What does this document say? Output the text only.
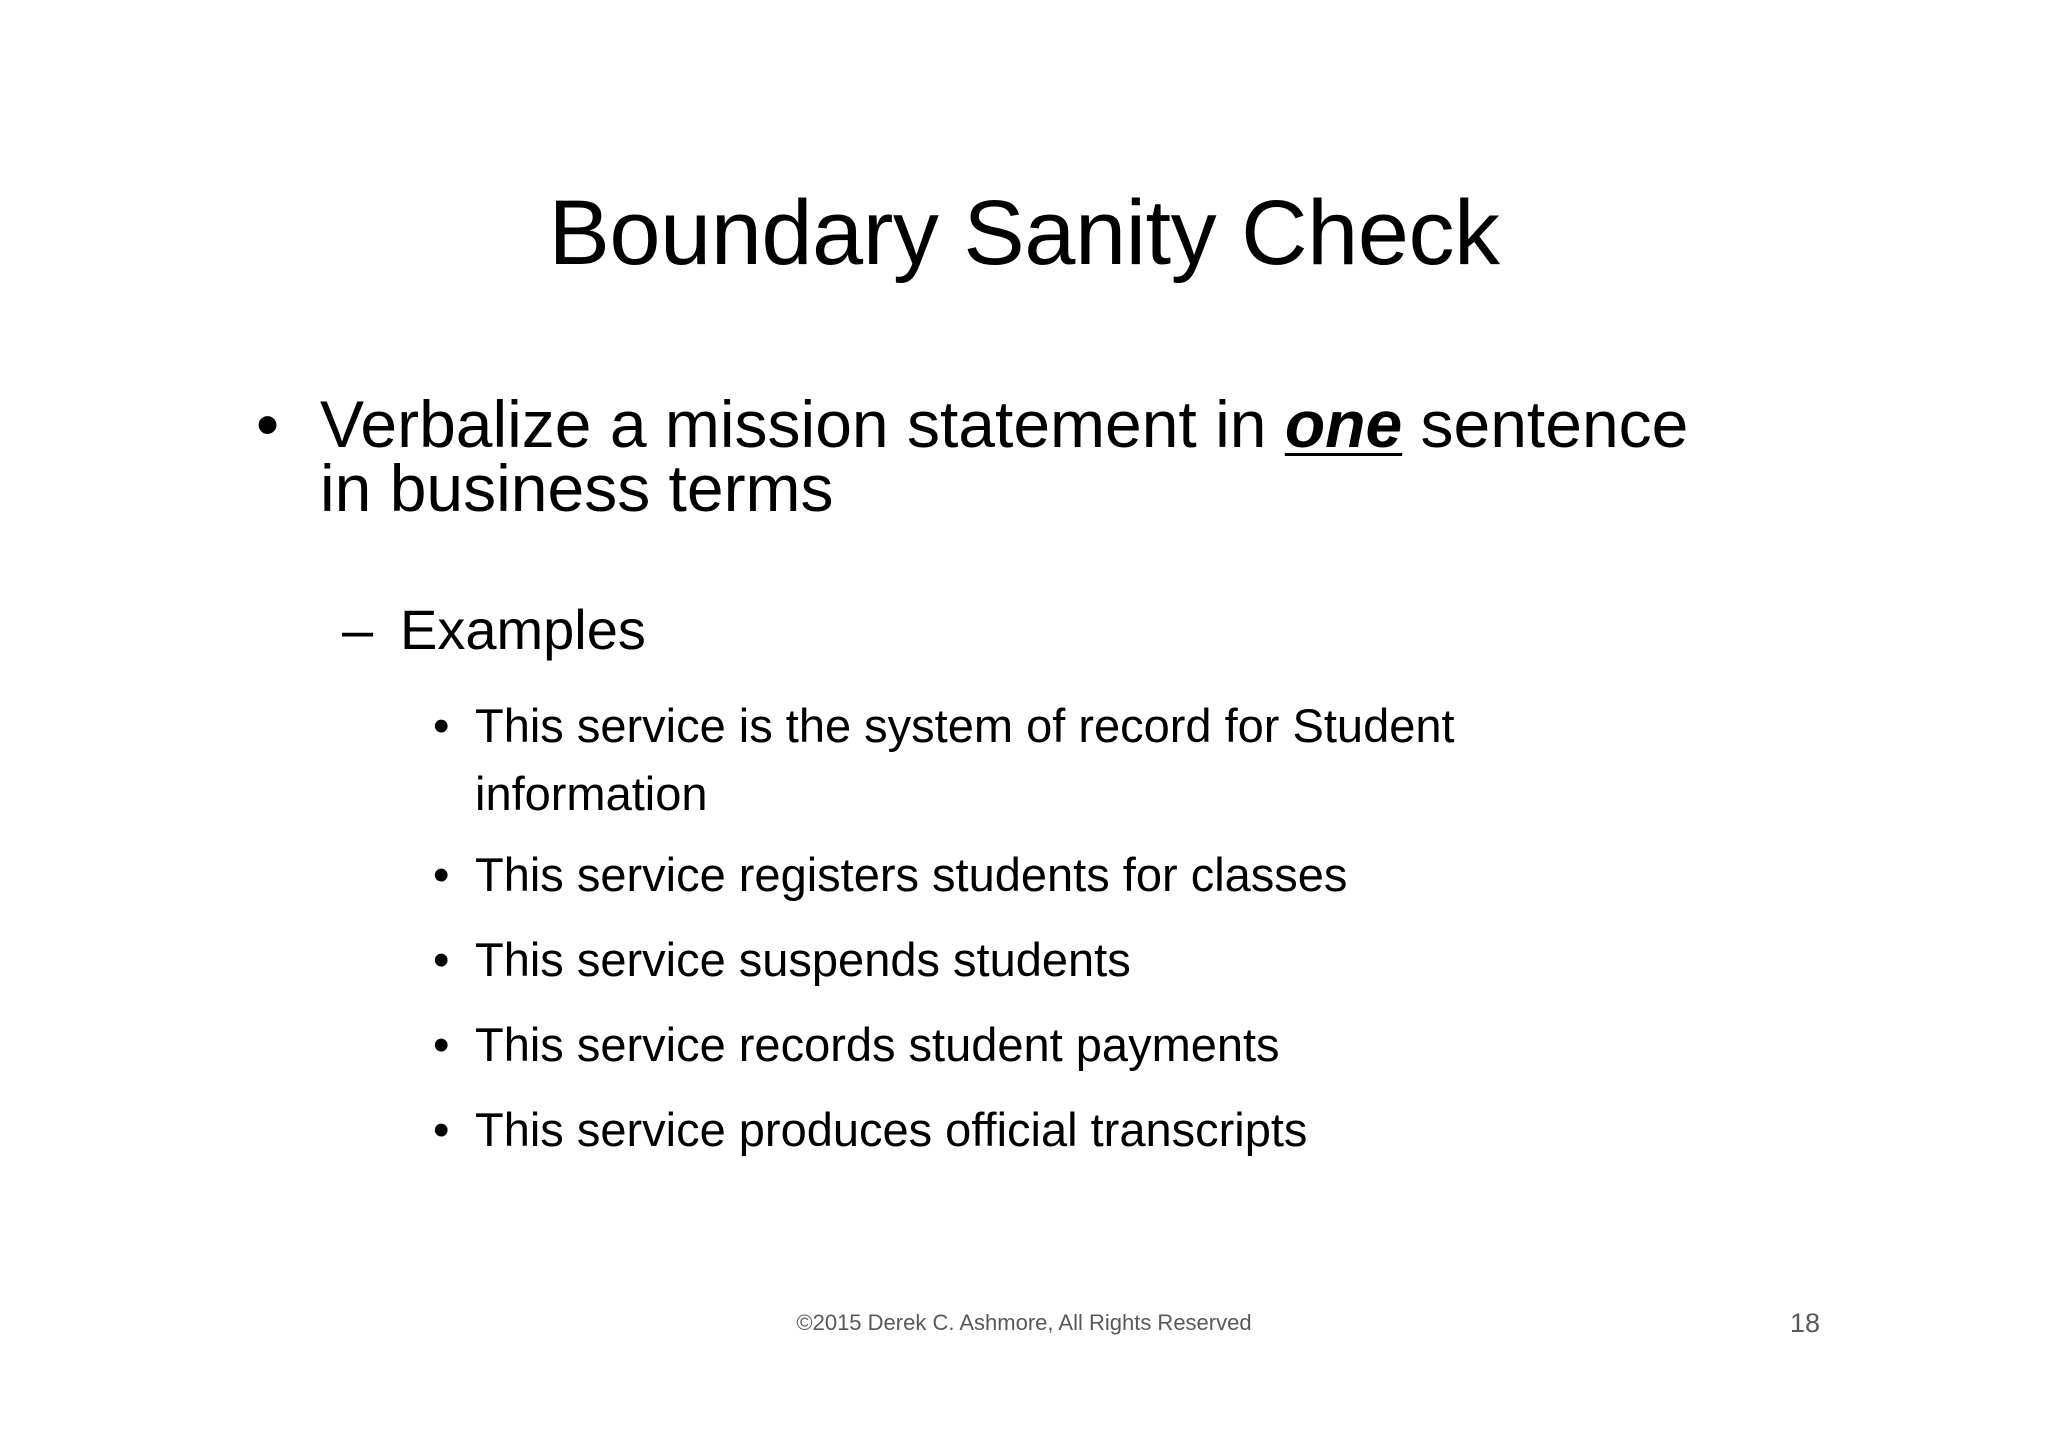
Boundary Sanity Check
• Verbalize a mission statement in one sentence
in business terms
– Examples
• This service is the system of record for Student
information
• This service registers students for classes
• This service suspends students
• This service records student payments
• This service produces official transcripts
©2015 Derek C. Ashmore, All Rights Reserved	18
